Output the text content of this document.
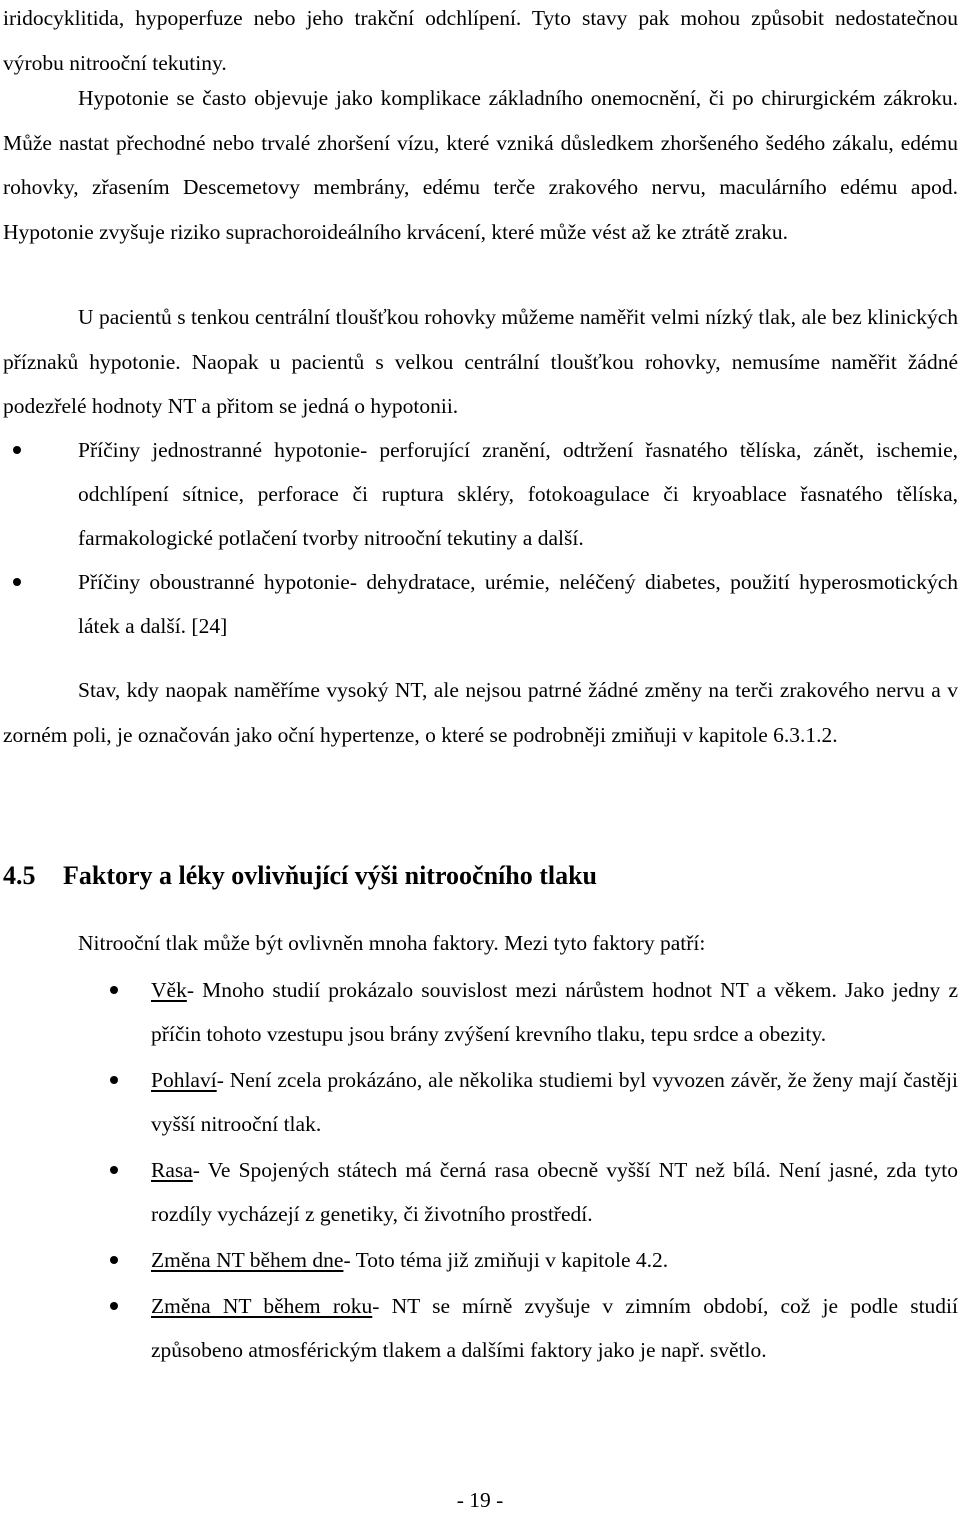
iridocyklitida, hypoperfuze nebo jeho trakční odchlípení. Tyto stavy pak mohou způsobit nedostatečnou výrobu nitrooční tekutiny.

Hypotonie se často objevuje jako komplikace základního onemocnění, či po chirurgickém zákroku. Může nastat přechodné nebo trvalé zhoršení vízu, které vzniká důsledkem zhoršeného šedého zákalu, edému rohovky, zřasením Descemetovy membrány, edému terče zrakového nervu, maculárního edému apod. Hypotonie zvyšuje riziko suprachoroideálního krvácení, které může vést až ke ztrátě zraku.

U pacientů s tenkou centrální tloušťkou rohovky můžeme naměřit velmi nízký tlak, ale bez klinických příznaků hypotonie. Naopak u pacientů s velkou centrální tloušťkou rohovky, nemusíme naměřit žádné podezřelé hodnoty NT a přitom se jedná o hypotonii.

Příčiny jednostranné hypotonie- perforující zranění, odtržení řasnatého tělíska, zánět, ischemie, odchlípení sítnice, perforace či ruptura skléry, fotokoagulace či kryoablace řasnatého tělíska, farmakologické potlačení tvorby nitrooční tekutiny a další.
Příčiny oboustranné hypotonie- dehydratace, urémie, neléčený diabetes, použití hyperosmotických látek a další. [24]

Stav, kdy naopak naměříme vysoký NT, ale nejsou patrné žádné změny na terči zrakového nervu a v zorném poli, je označován jako oční hypertenze, o které se podrobněji zmiňuji v kapitole 6.3.1.2.

4.5	Faktory a léky ovlivňující výši nitroočního tlaku

Nitrooční tlak může být ovlivněn mnoha faktory. Mezi tyto faktory patří:

Věk- Mnoho studií prokázalo souvislost mezi nárůstem hodnot NT a věkem. Jako jedny z příčin tohoto vzestupu jsou brány zvýšení krevního tlaku, tepu srdce a obezity.
Pohlaví- Není zcela prokázáno, ale několika studiemi byl vyvozen závěr, že ženy mají častěji vyšší nitrooční tlak.
Rasa- Ve Spojených státech má černá rasa obecně vyšší NT než bílá. Není jasné, zda tyto rozdíly vycházejí z genetiky, či životního prostředí.
Změna NT během dne- Toto téma již zmiňuji v kapitole 4.2.
Změna NT během roku- NT se mírně zvyšuje v zimním období, což je podle studií způsobeno atmosférickým tlakem a dalšími faktory jako je např. světlo.
- 19 -
